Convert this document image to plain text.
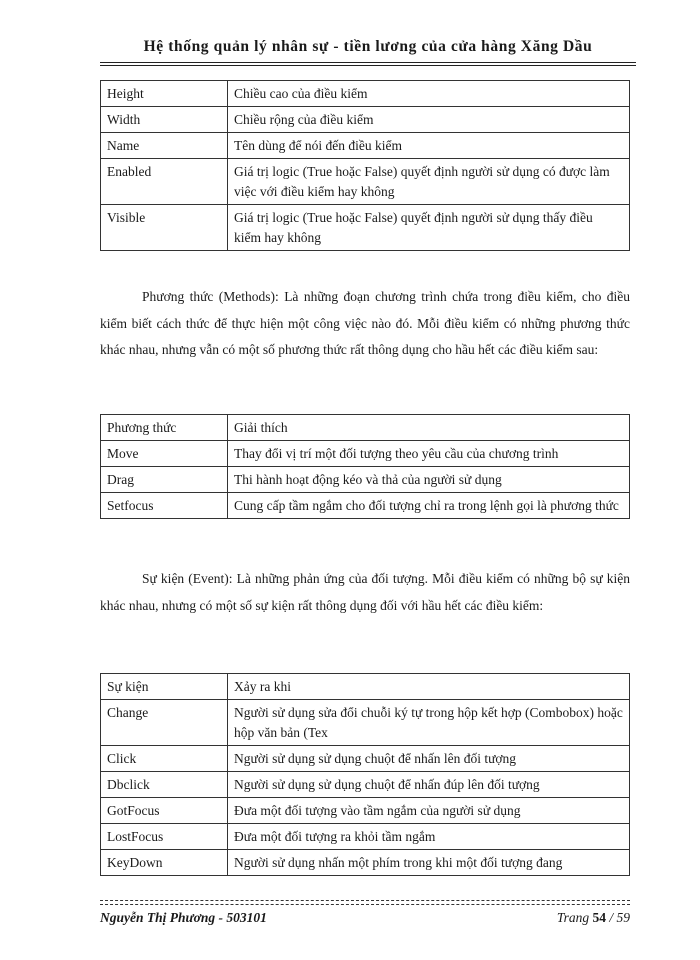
Hệ thống quản lý nhân sự - tiền lương của cửa hàng Xăng Dầu
Height	Chiều cao của điều kiểm
Width	Chiều rộng của điều kiểm
Name	Tên dùng để nói đến điều kiểm
Enabled	Giá trị logic (True hoặc False) quyết định người sử dụng có được làm việc với điều kiểm hay không
Visible	Giá trị logic (True hoặc False) quyết định người sử dụng thấy điều kiểm hay không

Phương thức (Methods): Là những đoạn chương trình chứa trong điều kiểm, cho điều kiểm biết cách thức để thực hiện một công việc nào đó. Mỗi điều kiểm có những phương thức khác nhau, nhưng vẫn có một số phương thức rất thông dụng cho hầu hết các điều kiểm sau:

Phương thức	Giải thích
Move	Thay đổi vị trí một đối tượng theo yêu cầu của chương trình
Drag	Thi hành hoạt động kéo và thả của người sử dụng
Setfocus	Cung cấp tầm ngắm cho đối tượng chỉ ra trong lệnh gọi là phương thức

Sự kiện (Event): Là những phản ứng của đối tượng. Mỗi điều kiểm có những bộ sự kiện khác nhau, nhưng có một số sự kiện rất thông dụng đối với hầu hết các điều kiểm:

Sự kiện	Xảy ra khi
Change	Người sử dụng sửa đổi chuỗi ký tự trong hộp kết hợp (Combobox) hoặc hộp văn bản (Tex
Click	Người sử dụng sử dụng chuột để nhấn lên đối tượng
Dbclick	Người sử dụng sử dụng chuột để nhấn đúp lên đối tượng
GotFocus	Đưa một đối tượng vào tầm ngắm của người sử dụng
LostFocus	Đưa một đối tượng ra khỏi tầm ngắm
KeyDown	Người sử dụng nhấn một phím trong khi một đối tượng đang
Nguyễn Thị Phương - 503101	Trang 54 / 59
